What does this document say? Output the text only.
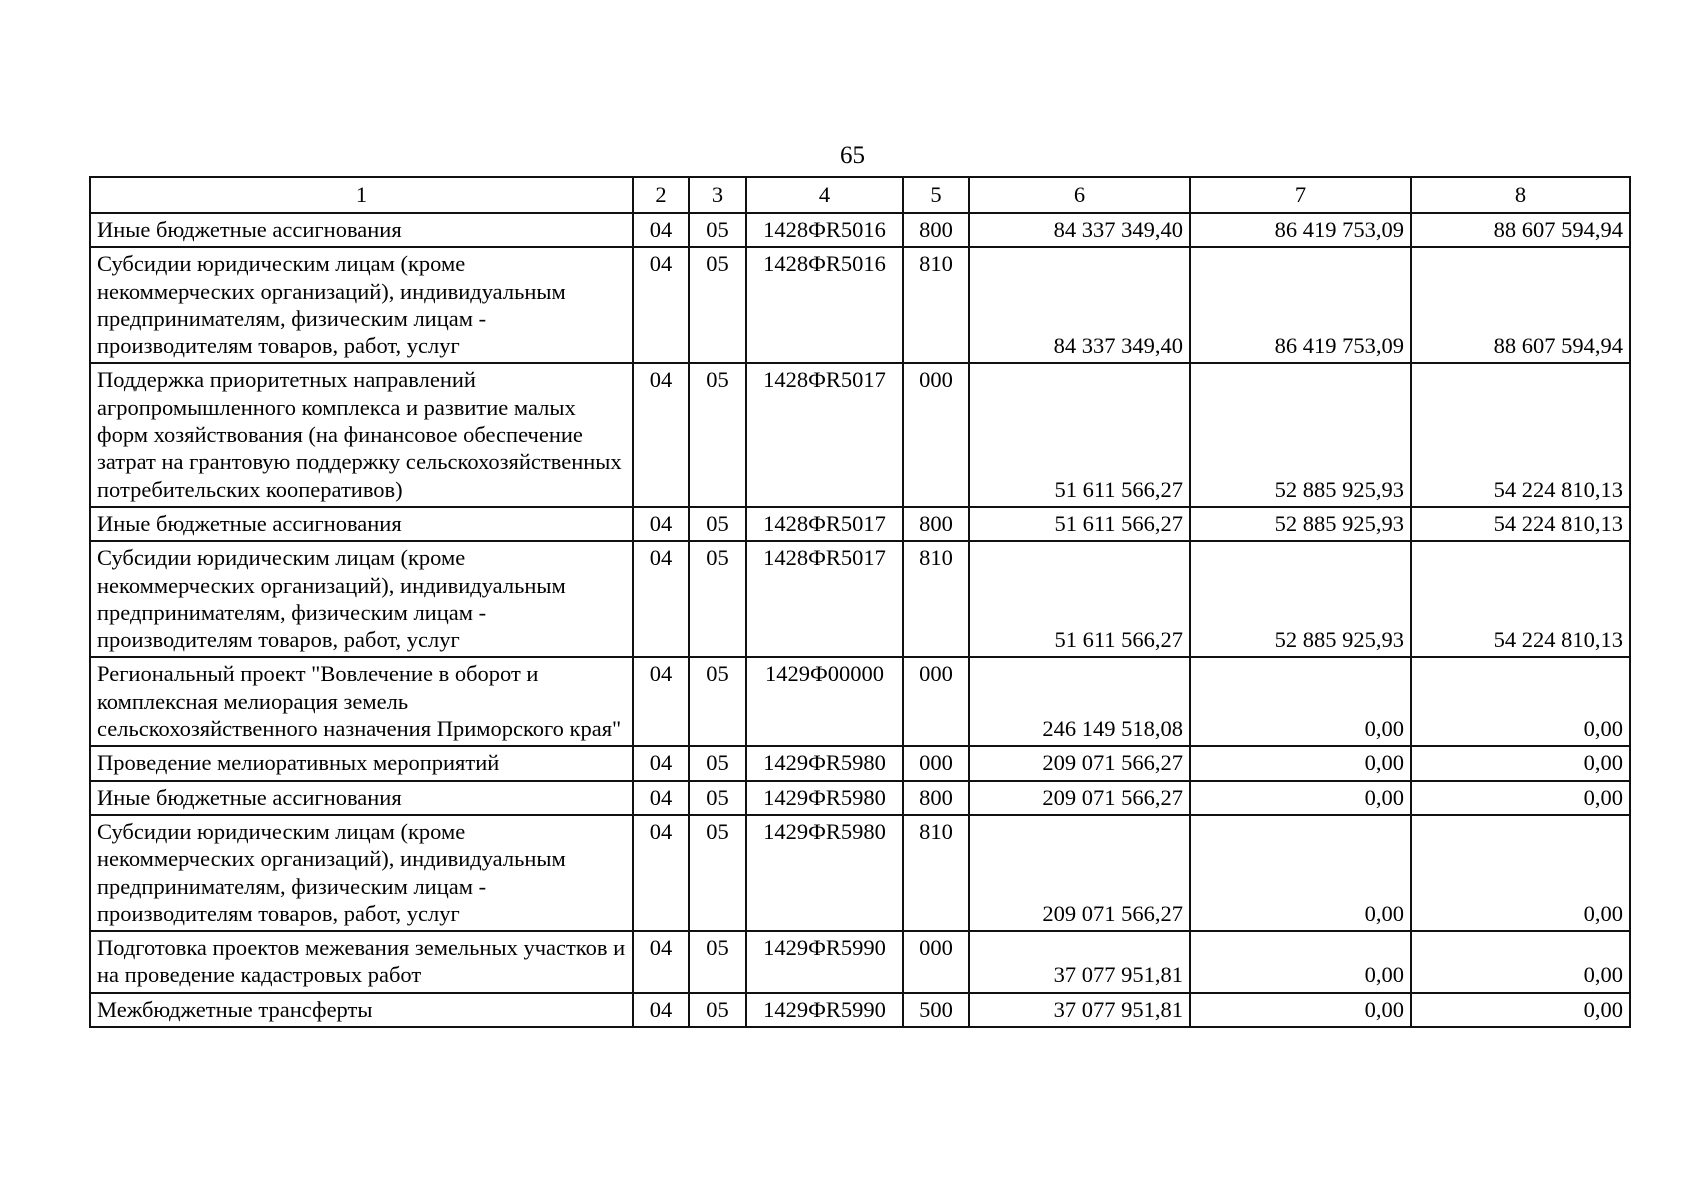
65
1	2	3	4	5	6	7	8
Иные бюджетные ассигнования	04	05	1428ФR5016	800	84 337 349,40	86 419 753,09	88 607 594,94
Субсидии юридическим лицам (кроме некоммерческих организаций), индивидуальным предпринимателям, физическим лицам - производителям товаров, работ, услуг	04	05	1428ФR5016	810	84 337 349,40	86 419 753,09	88 607 594,94
Поддержка приоритетных направлений агропромышленного комплекса и развитие малых форм хозяйствования (на финансовое обеспечение затрат на грантовую поддержку сельскохозяйственных потребительских кооперативов)	04	05	1428ФR5017	000	51 611 566,27	52 885 925,93	54 224 810,13
Иные бюджетные ассигнования	04	05	1428ФR5017	800	51 611 566,27	52 885 925,93	54 224 810,13
Субсидии юридическим лицам (кроме некоммерческих организаций), индивидуальным предпринимателям, физическим лицам - производителям товаров, работ, услуг	04	05	1428ФR5017	810	51 611 566,27	52 885 925,93	54 224 810,13
Региональный проект "Вовлечение в оборот и комплексная мелиорация земель сельскохозяйственного назначения Приморского края"	04	05	1429Ф00000	000	246 149 518,08	0,00	0,00
Проведение мелиоративных мероприятий	04	05	1429ФR5980	000	209 071 566,27	0,00	0,00
Иные бюджетные ассигнования	04	05	1429ФR5980	800	209 071 566,27	0,00	0,00
Субсидии юридическим лицам (кроме некоммерческих организаций), индивидуальным предпринимателям, физическим лицам - производителям товаров, работ, услуг	04	05	1429ФR5980	810	209 071 566,27	0,00	0,00
Подготовка проектов межевания земельных участков и на проведение кадастровых работ	04	05	1429ФR5990	000	37 077 951,81	0,00	0,00
Межбюджетные трансферты	04	05	1429ФR5990	500	37 077 951,81	0,00	0,00
